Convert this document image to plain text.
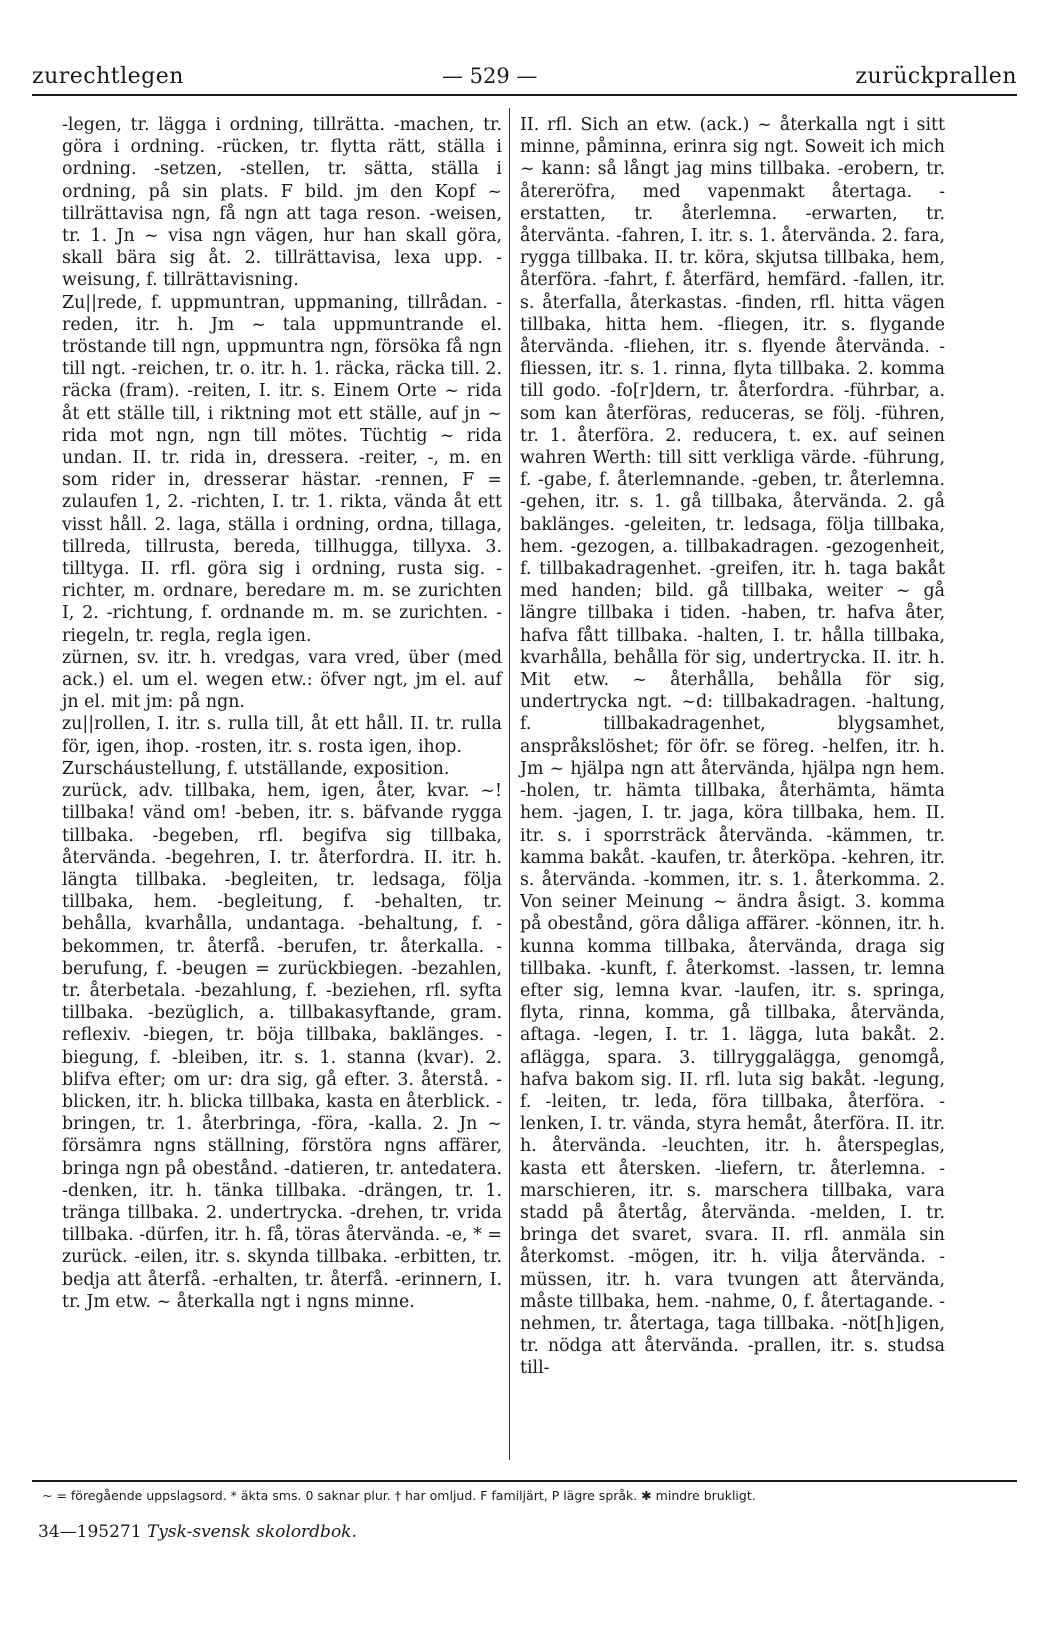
zurechtlegen	— 529 —	zurückprallen

-legen, tr. lägga i ordning, tillrätta. -machen, tr. göra i ordning. -rücken, tr. flytta rätt, ställa i ordning. -setzen, -stellen, tr. sätta, ställa i ordning, på sin plats. F bild. jm den Kopf ~ tillrättavisa ngn, få ngn att taga reson. -weisen, tr. 1. Jn ~ visa ngn vägen, hur han skall göra, skall bära sig åt. 2. tillrättavisa, lexa upp. -weisung, f. tillrättavisning.

Zu||rede, f. uppmuntran, uppmaning, tillrådan. -reden, itr. h. Jm ~ tala uppmuntrande el. tröstande till ngn, uppmuntra ngn, försöka få ngn till ngt. -reichen, tr. o. itr. h. 1. räcka, räcka till. 2. räcka (fram). -reiten, I. itr. s. Einem Orte ~ rida åt ett ställe till, i riktning mot ett ställe, auf jn ~ rida mot ngn, ngn till mötes. Tüchtig ~ rida undan. II. tr. rida in, dressera. -reiter, -, m. en som rider in, dresserar hästar. -rennen, F = zulaufen 1, 2. -richten, I. tr. 1. rikta, vända åt ett visst håll. 2. laga, ställa i ordning, ordna, tillaga, tillreda, tillrusta, bereda, tillhugga, tillyxa. 3. tilltyga. II. rfl. göra sig i ordning, rusta sig. -richter, m. ordnare, beredare m. m. se zurichten I, 2. -richtung, f. ordnande m. m. se zurichten. -riegeln, tr. regla, regla igen.

zürnen, sv. itr. h. vredgas, vara vred, über (med ack.) el. um el. wegen etw.: öfver ngt, jm el. auf jn el. mit jm: på ngn.

zu||rollen, I. itr. s. rulla till, åt ett håll. II. tr. rulla för, igen, ihop. -rosten, itr. s. rosta igen, ihop.

Zurscháustellung, f. utställande, exposition.

zurück, adv. tillbaka, hem, igen, åter, kvar. ~! tillbaka! vänd om! -beben, itr. s. bäfvande rygga tillbaka. -begeben, rfl. begifva sig tillbaka, återvända. -begehren, I. tr. återfordra. II. itr. h. längta tillbaka. -begleiten, tr. ledsaga, följa tillbaka, hem. -begleitung, f. -behalten, tr. behålla, kvarhålla, undantaga. -behaltung, f. -bekommen, tr. återfå. -berufen, tr. återkalla. -berufung, f. -beugen = zurückbiegen. -bezahlen, tr. återbetala. -bezahlung, f. -beziehen, rfl. syfta tillbaka. -bezüglich, a. tillbakasyftande, gram. reflexiv. -biegen, tr. böja tillbaka, baklänges. -biegung, f. -bleiben, itr. s. 1. stanna (kvar). 2. blifva efter; om ur: dra sig, gå efter. 3. återstå. -blicken, itr. h. blicka tillbaka, kasta en återblick. -bringen, tr. 1. återbringa, -föra, -kalla. 2. Jn ~ försämra ngns ställning, förstöra ngns affärer, bringa ngn på obestånd. -datieren, tr. antedatera. -denken, itr. h. tänka tillbaka. -drängen, tr. 1. tränga tillbaka. 2. undertrycka. -drehen, tr. vrida tillbaka. -dürfen, itr. h. få, töras återvända. -e, * = zurück. -eilen, itr. s. skynda tillbaka. -erbitten, tr. bedja att återfå. -erhalten, tr. återfå. -erinnern, I. tr. Jm etw. ~ återkalla ngt i ngns minne.

II. rfl. Sich an etw. (ack.) ~ återkalla ngt i sitt minne, påminna, erinra sig ngt. Soweit ich mich ~ kann: så långt jag mins tillbaka. -erobern, tr. återeröfra, med vapenmakt återtaga. -erstatten, tr. återlemna. -erwarten, tr. återvänta. -fahren, I. itr. s. 1. återvända. 2. fara, rygga tillbaka. II. tr. köra, skjutsa tillbaka, hem, återföra. -fahrt, f. återfärd, hemfärd. -fallen, itr. s. återfalla, återkastas. -finden, rfl. hitta vägen tillbaka, hitta hem. -fliegen, itr. s. flygande återvända. -fliehen, itr. s. flyende återvända. -fliessen, itr. s. 1. rinna, flyta tillbaka. 2. komma till godo. -fo[r]dern, tr. återfordra. -führbar, a. som kan återföras, reduceras, se följ. -führen, tr. 1. återföra. 2. reducera, t. ex. auf seinen wahren Werth: till sitt verkliga värde. -führung, f. -gabe, f. återlemnande. -geben, tr. återlemna. -gehen, itr. s. 1. gå tillbaka, återvända. 2. gå baklänges. -geleiten, tr. ledsaga, följa tillbaka, hem. -gezogen, a. tillbakadragen. -gezogenheit, f. tillbakadragenhet. -greifen, itr. h. taga bakåt med handen; bild. gå tillbaka, weiter ~ gå längre tillbaka i tiden. -haben, tr. hafva åter, hafva fått tillbaka. -halten, I. tr. hålla tillbaka, kvarhålla, behålla för sig, undertrycka. II. itr. h. Mit etw. ~ återhålla, behålla för sig, undertrycka ngt. ~d: tillbakadragen. -haltung, f. tillbakadragenhet, blygsamhet, anspråkslöshet; för öfr. se föreg. -helfen, itr. h. Jm ~ hjälpa ngn att återvända, hjälpa ngn hem. -holen, tr. hämta tillbaka, återhämta, hämta hem. -jagen, I. tr. jaga, köra tillbaka, hem. II. itr. s. i sporrsträck återvända. -kämmen, tr. kamma bakåt. -kaufen, tr. återköpa. -kehren, itr. s. återvända. -kommen, itr. s. 1. återkomma. 2. Von seiner Meinung ~ ändra åsigt. 3. komma på obestånd, göra dåliga affärer. -können, itr. h. kunna komma tillbaka, återvända, draga sig tillbaka. -kunft, f. återkomst. -lassen, tr. lemna efter sig, lemna kvar. -laufen, itr. s. springa, flyta, rinna, komma, gå tillbaka, återvända, aftaga. -legen, I. tr. 1. lägga, luta bakåt. 2. aflägga, spara. 3. tillryggalägga, genomgå, hafva bakom sig. II. rfl. luta sig bakåt. -legung, f. -leiten, tr. leda, föra tillbaka, återföra. -lenken, I. tr. vända, styra hemåt, återföra. II. itr. h. återvända. -leuchten, itr. h. återspeglas, kasta ett återsken. -liefern, tr. återlemna. -marschieren, itr. s. marschera tillbaka, vara stadd på återtåg, återvända. -melden, I. tr. bringa det svaret, svara. II. rfl. anmäla sin återkomst. -mögen, itr. h. vilja återvända. -müssen, itr. h. vara tvungen att återvända, måste tillbaka, hem. -nahme, 0, f. återtagande. -nehmen, tr. återtaga, taga tillbaka. -nöt[h]igen, tr. nödga att återvända. -prallen, itr. s. studsa till-

~ = föregående uppslagsord. * äkta sms. 0 saknar plur. † har omljud. F familjärt, P lägre språk. ✱ mindre brukligt.
34—195271 Tysk-svensk skolordbok.
